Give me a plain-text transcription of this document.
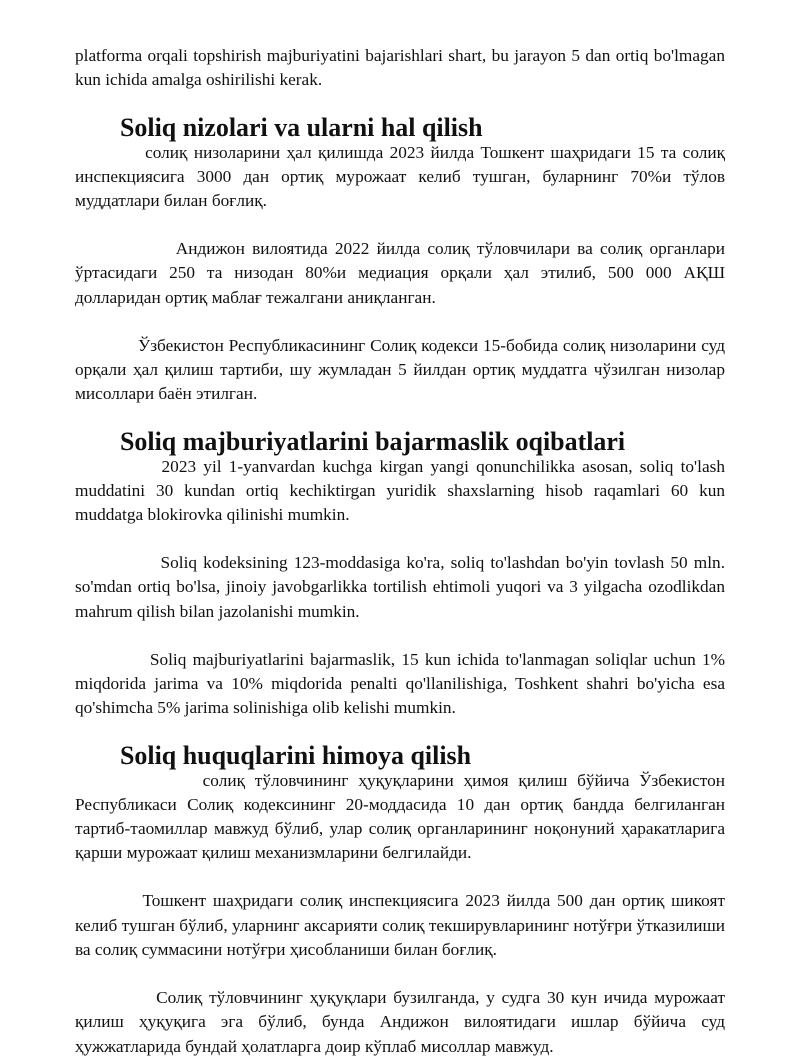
platforma orqali topshirish majburiyatini bajarishlari shart, bu jarayon 5 dan ortiq bo'lmagan kun ichida amalga oshirilishi kerak.

Soliq nizolari va ularni hal qilish

солиқ низоларини ҳал қилишда 2023 йилда Тошкент шаҳридаги 15 та солиқ инспекциясига 3000 дан ортиқ мурожаат келиб тушган, буларнинг 70%и тўлов муддатлари билан боғлиқ.

Андижон вилоятида 2022 йилда солиқ тўловчилари ва солиқ органлари ўртасидаги 250 та низодан 80%и медиация орқали ҳал этилиб, 500 000 АҚШ долларидан ортиқ маблағ тежалгани аниқланган.

Ўзбекистон Республикасининг Солиқ кодекси 15-бобида солиқ низоларини суд орқали ҳал қилиш тартиби, шу жумладан 5 йилдан ортиқ муддатга чўзилган низолар мисоллари баён этилган.

Soliq majburiyatlarini bajarmaslik oqibatlari

2023 yil 1-yanvardan kuchga kirgan yangi qonunchilikka asosan, soliq to'lash muddatini 30 kundan ortiq kechiktirgan yuridik shaxslarning hisob raqamlari 60 kun muddatga blokirovka qilinishi mumkin.

Soliq kodeksining 123-moddasiga ko'ra, soliq to'lashdan bo'yin tovlash 50 mln. so'mdan ortiq bo'lsa, jinoiy javobgarlikka tortilish ehtimoli yuqori va 3 yilgacha ozodlikdan mahrum qilish bilan jazolanishi mumkin.

Soliq majburiyatlarini bajarmaslik, 15 kun ichida to'lanmagan soliqlar uchun 1% miqdorida jarima va 10% miqdorida penalti qo'llanilishiga, Toshkent shahri bo'yicha esa qo'shimcha 5% jarima solinishiga olib kelishi mumkin.

Soliq huquqlarini himoya qilish

солиқ тўловчининг ҳуқуқларини ҳимоя қилиш бўйича Ўзбекистон Республикаси Солиқ кодексининг 20-моддасида 10 дан ортиқ бандда белгиланган тартиб-таомиллар мавжуд бўлиб, улар солиқ органларининг ноқонуний ҳаракатларига қарши мурожаат қилиш механизмларини белгилайди.

Тошкент шаҳридаги солиқ инспекциясига 2023 йилда 500 дан ортиқ шикоят келиб тушган бўлиб, уларнинг аксарияти солиқ текширувларининг нотўғри ўтказилиши ва солиқ суммасини нотўғри ҳисобланиши билан боғлиқ.

Солиқ тўловчининг ҳуқуқлари бузилганда, у судга 30 кун ичида мурожаат қилиш ҳуқуқига эга бўлиб, бунда Андижон вилоятидаги ишлар бўйича суд ҳужжатларида бундай ҳолатларга доир кўплаб мисоллар мавжуд.
